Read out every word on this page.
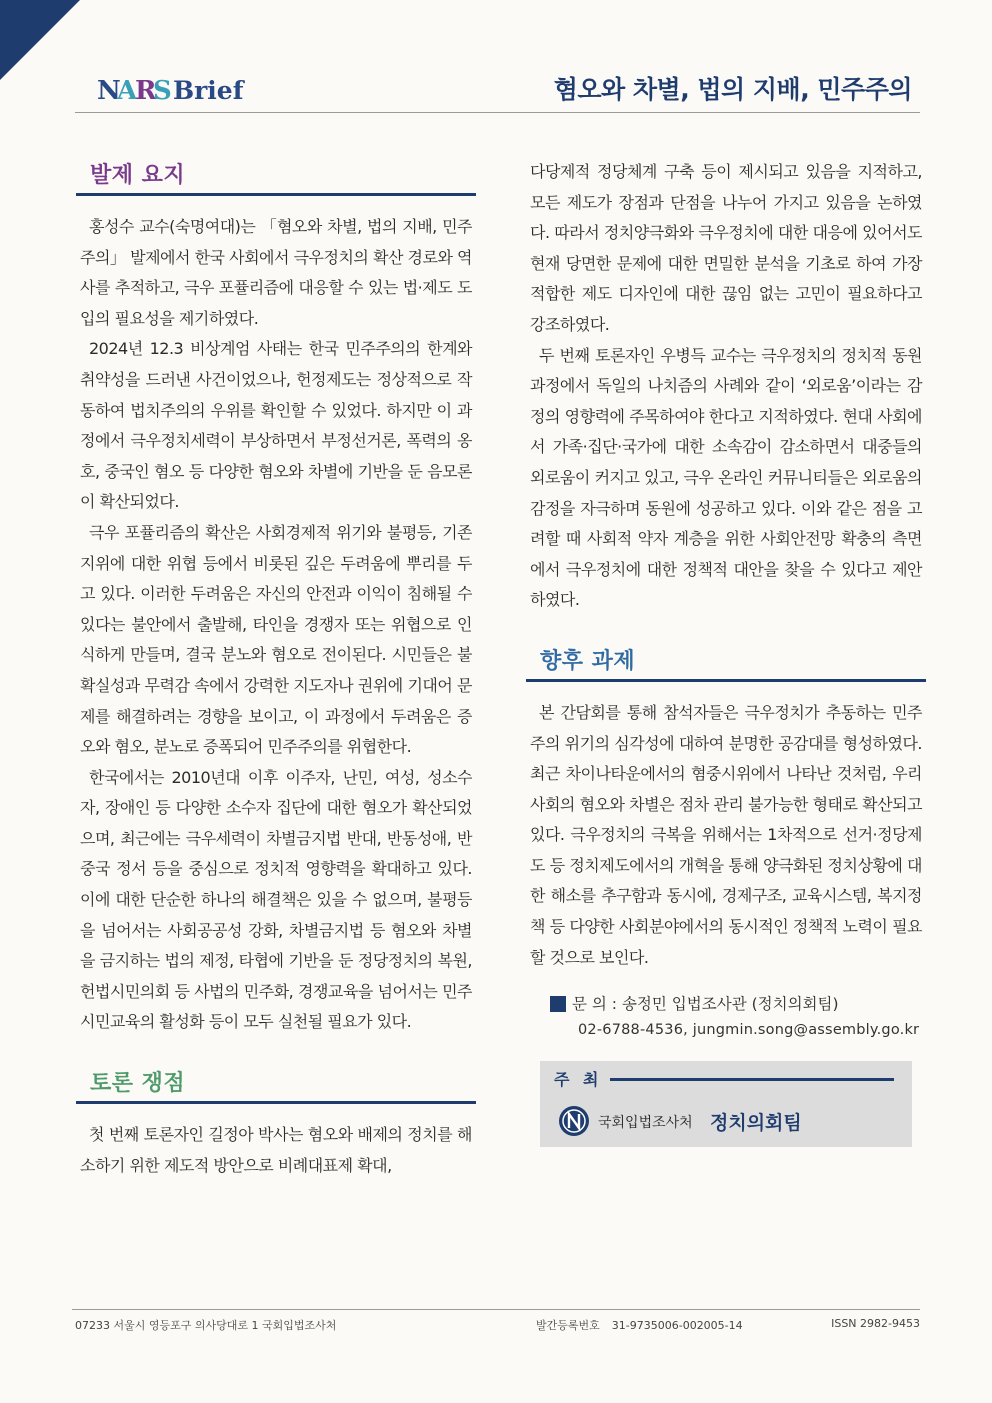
N
A
R
S Brief	혐오와 차별, 법의 지배, 민주주의
발제 요지

홍성수 교수(숙명여대)는 「혐오와 차별, 법의 지배, 민주주의」 발제에서 한국 사회에서 극우정치의 확산 경로와 역사를 추적하고, 극우 포퓰리즘에 대응할 수 있는 법·제도 도입의 필요성을 제기하였다.

2024년 12.3 비상계엄 사태는 한국 민주주의의 한계와 취약성을 드러낸 사건이었으나, 헌정제도는 정상적으로 작동하여 법치주의의 우위를 확인할 수 있었다. 하지만 이 과정에서 극우정치세력이 부상하면서 부정선거론, 폭력의 옹호, 중국인 혐오 등 다양한 혐오와 차별에 기반을 둔 음모론이 확산되었다.

극우 포퓰리즘의 확산은 사회경제적 위기와 불평등, 기존 지위에 대한 위협 등에서 비롯된 깊은 두려움에 뿌리를 두고 있다. 이러한 두려움은 자신의 안전과 이익이 침해될 수 있다는 불안에서 출발해, 타인을 경쟁자 또는 위협으로 인식하게 만들며, 결국 분노와 혐오로 전이된다. 시민들은 불확실성과 무력감 속에서 강력한 지도자나 권위에 기대어 문제를 해결하려는 경향을 보이고, 이 과정에서 두려움은 증오와 혐오, 분노로 증폭되어 민주주의를 위협한다.

한국에서는 2010년대 이후 이주자, 난민, 여성, 성소수자, 장애인 등 다양한 소수자 집단에 대한 혐오가 확산되었으며, 최근에는 극우세력이 차별금지법 반대, 반동성애, 반중국 정서 등을 중심으로 정치적 영향력을 확대하고 있다. 이에 대한 단순한 하나의 해결책은 있을 수 없으며, 불평등을 넘어서는 사회공공성 강화, 차별금지법 등 혐오와 차별을 금지하는 법의 제정, 타협에 기반을 둔 정당정치의 복원, 헌법시민의회 등 사법의 민주화, 경쟁교육을 넘어서는 민주시민교육의 활성화 등이 모두 실천될 필요가 있다.

토론 쟁점

첫 번째 토론자인 길정아 박사는 혐오와 배제의 정치를 해소하기 위한 제도적 방안으로 비례대표제 확대,

다당제적 정당체계 구축 등이 제시되고 있음을 지적하고, 모든 제도가 장점과 단점을 나누어 가지고 있음을 논하였다. 따라서 정치양극화와 극우정치에 대한 대응에 있어서도 현재 당면한 문제에 대한 면밀한 분석을 기초로 하여 가장 적합한 제도 디자인에 대한 끊임 없는 고민이 필요하다고 강조하였다.

두 번째 토론자인 우병득 교수는 극우정치의 정치적 동원 과정에서 독일의 나치즘의 사례와 같이 ‘외로움’이라는 감정의 영향력에 주목하여야 한다고 지적하였다. 현대 사회에서 가족·집단·국가에 대한 소속감이 감소하면서 대중들의 외로움이 커지고 있고, 극우 온라인 커뮤니티들은 외로움의 감정을 자극하며 동원에 성공하고 있다. 이와 같은 점을 고려할 때 사회적 약자 계층을 위한 사회안전망 확충의 측면에서 극우정치에 대한 정책적 대안을 찾을 수 있다고 제안하였다.

향후 과제

본 간담회를 통해 참석자들은 극우정치가 추동하는 민주주의 위기의 심각성에 대하여 분명한 공감대를 형성하였다. 최근 차이나타운에서의 혐중시위에서 나타난 것처럼, 우리 사회의 혐오와 차별은 점차 관리 불가능한 형태로 확산되고 있다. 극우정치의 극복을 위해서는 1차적으로 선거·정당제도 등 정치제도에서의 개혁을 통해 양극화된 정치상황에 대한 해소를 추구함과 동시에, 경제구조, 교육시스템, 복지정책 등 다양한 사회분야에서의 동시적인 정책적 노력이 필요할 것으로 보인다.

문 의 : 송정민 입법조사관 (정치의회팀)
02-6788-4536, jungmin.song@assembly.go.kr
주 최
국회입법조사처 정치의회팀
07233 서울시 영등포구 의사당대로 1 국회입법조사처	발간등록번호 31-9735006-002005-14	ISSN 2982-9453
